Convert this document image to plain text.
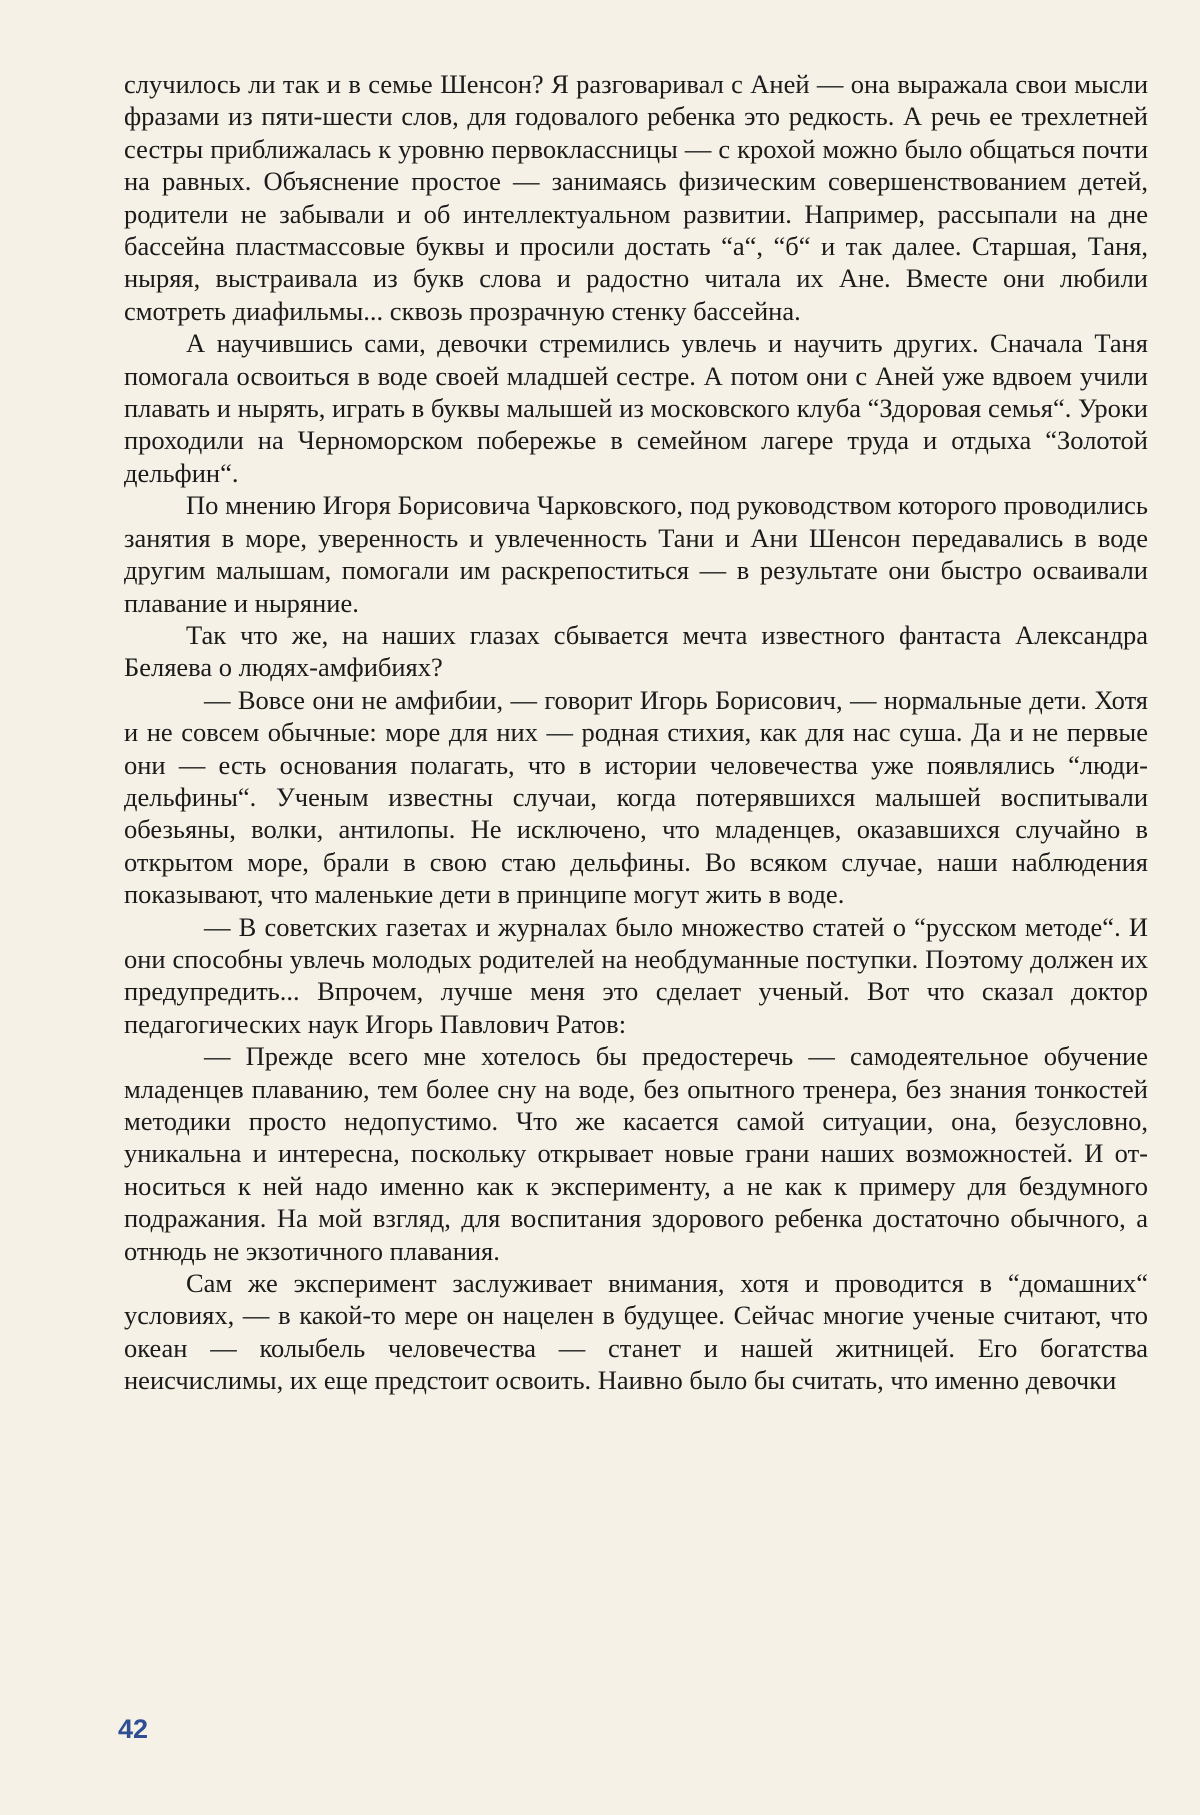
случилось ли так и в семье Шенсон? Я разговаривал с Аней — она выражала свои мысли фразами из пяти-шести слов, для годовалого ребенка это редкость. А речь ее трехлетней сестры приближалась к уровню первоклассницы — с крохой можно было общаться почти на равных. Объяснение простое — занимаясь физическим совершенствованием детей, родители не забывали и об интеллектуальном развитии. Например, рассыпали на дне бассейна пластмассовые буквы и просили достать “а“, “б“ и так далее. Старшая, Таня, ныряя, выстраивала из букв слова и радостно читала их Ане. Вместе они любили смотреть диафильмы... сквозь прозрачную стенку бассейна.

А научившись сами, девочки стремились увлечь и научить других. Сначала Таня помогала освоиться в воде своей младшей сестре. А потом они с Аней уже вдвоем учили плавать и нырять, играть в буквы малышей из московского клуба “Здоровая семья“. Уроки проходили на Черноморском побережье в семейном лагере труда и отдыха “Золотой дельфин“.

По мнению Игоря Борисовича Чарковского, под руководством которого проводились занятия в море, уверенность и увлеченность Тани и Ани Шенсон передавались в воде другим малышам, помогали им раскрепоститься — в результате они быстро осваивали плавание и ныряние.

Так что же, на наших глазах сбывается мечта известного фантаста Александра Беляева о людях-амфибиях?

— Вовсе они не амфибии, — говорит Игорь Борисович, — нормальные дети. Хотя и не совсем обычные: море для них — родная стихия, как для нас суша. Да и не первые они — есть основания полагать, что в истории человечества уже появлялись “люди-дельфины“. Ученым известны случаи, когда потерявшихся малышей воспитывали обезьяны, волки, антилопы. Не исключено, что младенцев, оказавшихся случайно в открытом море, брали в свою стаю дельфины. Во всяком случае, наши наблюдения показывают, что маленькие дети в принципе могут жить в воде.

— В советских газетах и журналах было множество статей о “русском методе“. И они способны увлечь молодых родителей на необдуманные поступки. Поэтому должен их предупредить... Впрочем, лучше меня это сделает ученый. Вот что сказал доктор педагогических наук Игорь Павлович Ратов:

— Прежде всего мне хотелось бы предостеречь — самодеятельное обучение младенцев плаванию, тем более сну на воде, без опытного тренера, без знания тонкостей методики просто недопустимо. Что же касается самой ситуации, она, безусловно, уникальна и интересна, поскольку открывает новые грани наших возможностей. И относиться к ней надо именно как к эксперименту, а не как к примеру для бездумного подражания. На мой взгляд, для воспитания здорового ребенка достаточно обычного, а отнюдь не экзотичного плавания.

Сам же эксперимент заслуживает внимания, хотя и проводится в “домашних“ условиях, — в какой-то мере он нацелен в будущее. Сейчас многие ученые считают, что океан — колыбель человечества — станет и нашей житницей. Его богатства неисчислимы, их еще предстоит освоить. Наивно было бы считать, что именно девочки

42
